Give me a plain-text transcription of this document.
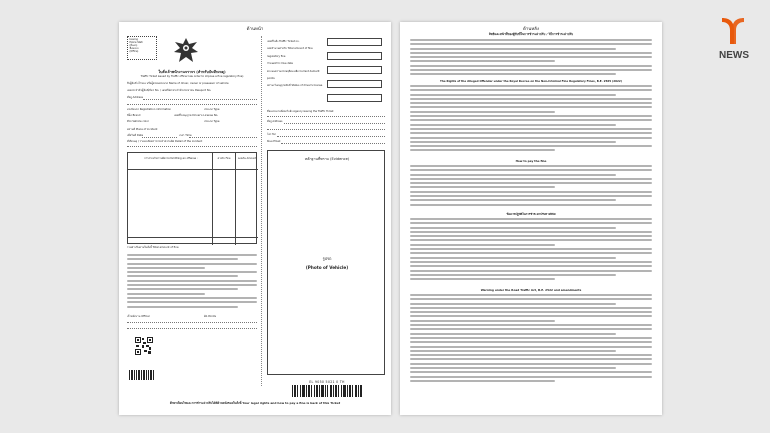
ด้านหน้า
Issuing
Police Stati
(ที่ออก)
ชื่อหน่วย
(Office)
ใบสั่งเจ้าพนักงานจราจร (สำหรับบันทึกเหตุ)
Traffic Ticket issued by Traffic officer law order to impose a fine regulatory fine)
ถึงผู้ขับขี่ เจ้าของ หรือผู้ครอบครองรถ Name of driver, owner or possessor of vehicle
เลขประจำตัวผู้ขับขี่/บัตร No. / เลขที่บัตรประจำตัวประชาชน Passport No.
ที่อยู่ Address
ทะเบียนรถ Registration information	ประเภท Type
ยี่ห้อ Brand	เลขที่ใบอนุญาต Driver's License No.
สีรถ Vehicle color	ประเภท Type
สถานที่ Place of incident
เมื่อวันที่ Date	เวลา Time
ที่เกิดเหตุ / รายละเอียดการกระทำความผิด Detail of the incident
การกระทำความผิด Committing an offense :	ค่าปรับ Fine	ยอดเงิน Amount
รวมค่าปรับตามใบสั่งนี้ Total amount of fine
เจ้าพนักงาน Officer	ตัด Points
เลขที่ใบสั่ง Traffic Ticket no.
ยอดจำนวนค่าปรับ Total amount of fine regulatory fine
กำหนดชำระ Due date
คะแนนความประพฤติคงเหลือ Current demerit points
สถานะใบอนุญาตขับขี่ Status of driver's license
ชื่อหน่วยงานที่ออกใบสั่ง Agency issuing the Traffic Ticket
ที่อยู่ Address
โทร Tel
อีเมล Email
หลักฐานที่ทราบ (Evidence)
รูปรถ
(Photo of Vehicle)
EL 9050 5021 0 TH
ศึกษาเงื่อนไขและการชำระค่าปรับได้ที่ด้านหลังของใบสั่งนี้ Your legal rights and how to pay a fine is back of this Ticket
ด้านหลัง
สิทธิและหน้าที่ของผู้ขับขี่ในการชำระค่าปรับ / วิธีการชำระค่าปรับ
The Rights of the Alleged Offender under the Royal Decree on the Non-Criminal Fine Regulatory Fines, B.E. 2565 (2022)
How to pay the fine
ข้อควรปฏิบัติในการชำระค่าปรับทางพินัย
Warning under the Road Traffic Act, B.E. 2522 and amendments
NEWS
